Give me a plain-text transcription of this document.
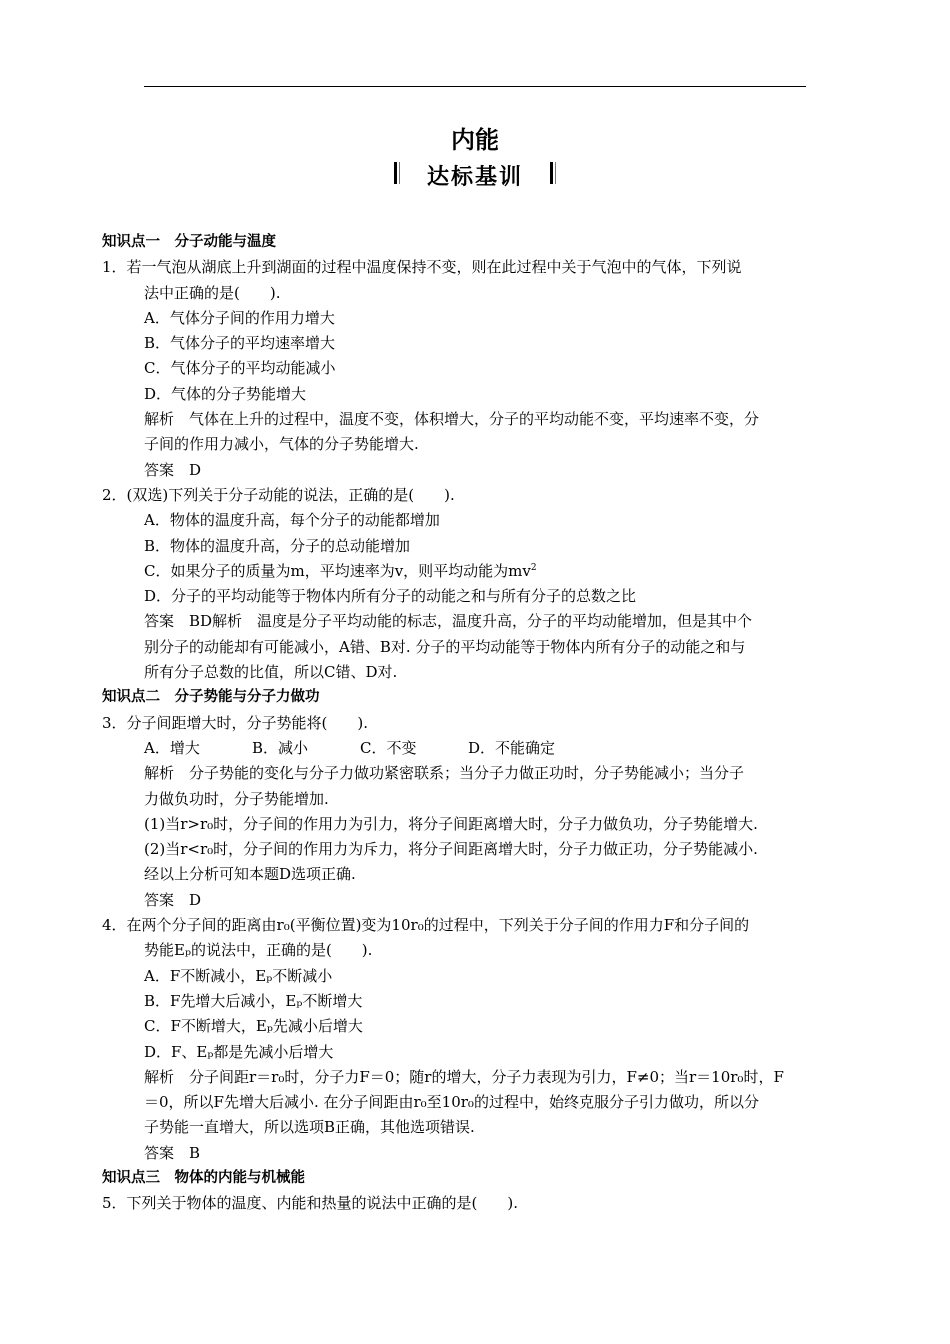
内能
达标基训
知识点一　分子动能与温度
1．若一气泡从湖底上升到湖面的过程中温度保持不变，则在此过程中关于气泡中的气体，下列说
法中正确的是(　　).
A．气体分子间的作用力增大
B．气体分子的平均速率增大
C．气体分子的平均动能减小
D．气体的分子势能增大
解析　气体在上升的过程中，温度不变，体积增大，分子的平均动能不变，平均速率不变，分
子间的作用力减小，气体的分子势能增大.
答案　D
2．(双选)下列关于分子动能的说法，正确的是(　　).
A．物体的温度升高，每个分子的动能都增加
B．物体的温度升高，分子的总动能增加
C．如果分子的质量为m，平均速率为v，则平均动能为$mv^2$
D．分子的平均动能等于物体内所有分子的动能之和与所有分子的总数之比
答案　BD解析　温度是分子平均动能的标志，温度升高，分子的平均动能增加，但是其中个
别分子的动能却有可能减小，A错、B对. 分子的平均动能等于物体内所有分子的动能之和与
所有分子总数的比值，所以C错、D对.
知识点二　分子势能与分子力做功
3．分子间距增大时，分子势能将(　　).
A．增大	B．减小	C．不变	D．不能确定
解析　分子势能的变化与分子力做功紧密联系；当分子力做正功时，分子势能减小；当分子
力做负功时，分子势能增加.
(1)当r>r₀时，分子间的作用力为引力，将分子间距离增大时，分子力做负功，分子势能增大.
(2)当r<r₀时，分子间的作用力为斥力，将分子间距离增大时，分子力做正功，分子势能减小.
经以上分析可知本题D选项正确.
答案　D
4．在两个分子间的距离由r₀(平衡位置)变为10r₀的过程中，下列关于分子间的作用力F和分子间的
势能Eₚ的说法中，正确的是(　　).
A．F不断减小，Eₚ不断减小
B．F先增大后减小，Eₚ不断增大
C．F不断增大，Eₚ先减小后增大
D．F、Eₚ都是先减小后增大
解析　分子间距r＝r₀时，分子力F＝0；随r的增大，分子力表现为引力，F≠0；当r＝10r₀时，F
＝0，所以F先增大后减小. 在分子间距由r₀至10r₀的过程中，始终克服分子引力做功，所以分
子势能一直增大，所以选项B正确，其他选项错误.
答案　B
知识点三　物体的内能与机械能
5．下列关于物体的温度、内能和热量的说法中正确的是(　　).
